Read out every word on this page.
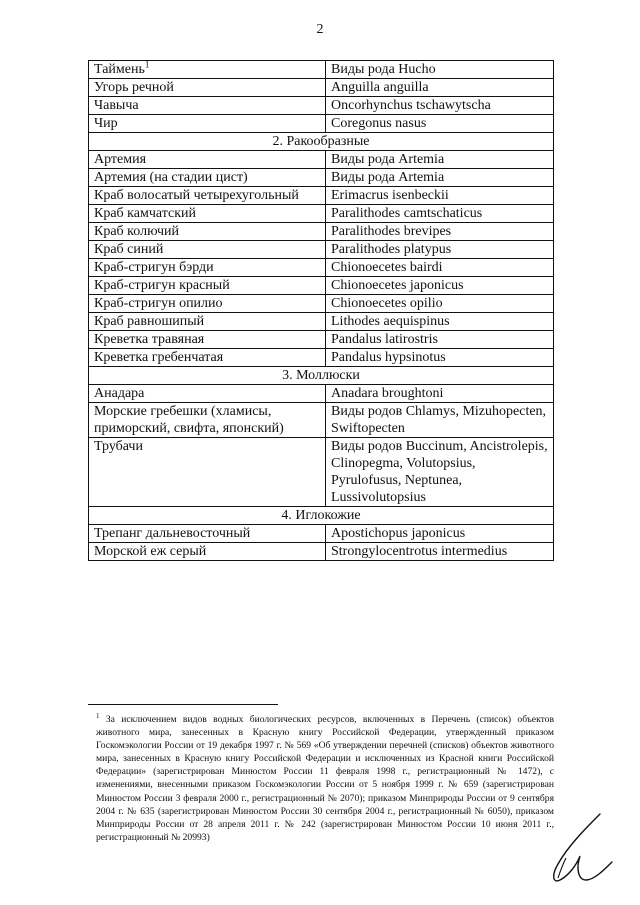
2
Таймень$^1$	Виды рода Hucho
Угорь речной	Anguilla anguilla
Чавыча	Oncorhynchus tschawytscha
Чир	Coregonus nasus
2. Ракообразные	
Артемия	Виды рода Artemia
Артемия (на стадии цист)	Виды рода Artemia
Краб волосатый четырехугольный	Erimacrus isenbeckii
Краб камчатский	Paralithodes camtschaticus
Краб колючий	Paralithodes brevipes
Краб синий	Paralithodes platypus
Краб-стригун бэрди	Chionoecetes bairdi
Краб-стригун красный	Chionoecetes japonicus
Краб-стригун опилио	Chionoecetes opilio
Краб равношипый	Lithodes aequispinus
Креветка травяная	Pandalus latirostris
Креветка гребенчатая	Pandalus hypsinotus
3. Моллюски	
Анадара	Anadara broughtoni
Морские гребешки (хламисы, приморский, свифта, японский)	Виды родов Chlamys, Mizuhopecten, Swiftopecten
Трубачи	Виды родов Buccinum, Ancistrolepis, Clinopegma, Volutopsius, Pyrulofusus, Neptunea, Lussivolutopsius
4. Иглокожие	
Трепанг дальневосточный	Apostichopus japonicus
Морской еж серый	Strongylocentrotus intermedius
$^1$ За исключением видов водных биологических ресурсов, включенных в Перечень (список) объектов животного мира, занесенных в Красную книгу Российской Федерации, утвержденный приказом Госкомэкологии России от 19 декабря 1997 г. № 569 «Об утверждении перечней (списков) объектов животного мира, занесенных в Красную книгу Российской Федерации и исключенных из Красной книги Российской Федерации» (зарегистрирован Минюстом России 11 февраля 1998 г., регистрационный № 1472), с изменениями, внесенными приказом Госкомэкологии России от 5 ноября 1999 г. № 659 (зарегистрирован Минюстом России 3 февраля 2000 г., регистрационный № 2070); приказом Минприроды России от 9 сентября 2004 г. № 635 (зарегистрирован Минюстом России 30 сентября 2004 г., регистрационный № 6050), приказом Минприроды России от 28 апреля 2011 г. № 242 (зарегистрирован Минюстом России 10 июня 2011 г., регистрационный № 20993)
